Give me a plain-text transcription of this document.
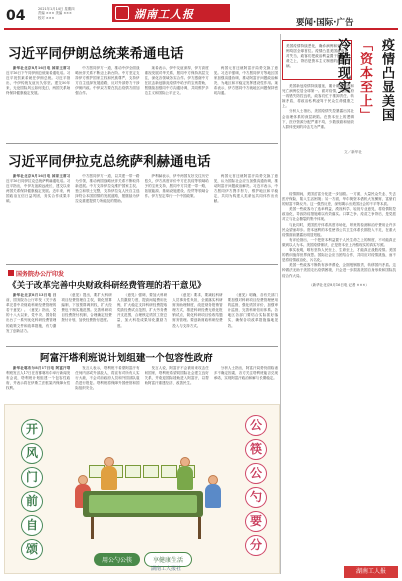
04	2021年1月14日 星期四
责编 ××× 美编 ×××
校对 ×××	湖南工人报
要闻·国际·广告
习近平同伊朗总统莱希通电话

新华社北京8月16日电 国家主席习近平16日下午同伊朗总统莱希通电话。习近平祝贺莱希就任伊朗总统。习近平指出，中伊传统友谊历久弥坚。建交50年来，无论国际风云如何变幻，两国关系始终保持健康稳定发展。

中方愿同伊方一道，推动中伊全面战略伙伴关系不断迈上新台阶。中方坚定支持伊方维护国家主权和民族尊严，支持伊方自主选择发展道路，反对外部势力干涉伊朗内政。中伊双方要在抗击疫情方面加强合作。

莱希表示，伊中友谊深厚，伊方高度重视发展对华关系，愿同中方保持高层交往，深化各领域务实合作。伊方感谢中方在抗击新冠肺炎疫情中给予的宝贵帮助，愿继续加强同中方沟通协调，共同维护多边主义和国际公平正义。

两国元首还就阿富汗局势交换了意见。习近平强调，中方愿同伊方等地区国家加强沟通协调，推动阿富汗问题政治解决，为地区和平稳定发挥建设性作用。莱希表示，伊方愿同中方就地区问题保持密切沟通。

习近平同伊拉克总统萨利赫通电话

新华社北京8月16日电 国家主席习近平16日同伊拉克总统萨利赫通电话。习近平指出，中伊友谊源远流长，建交以来两国关系保持健康稳定发展。近年来，两国政治互信日益巩固，务实合作成果丰硕。

中方愿同伊方一道，以共建一带一路为引领，推动两国战略伙伴关系不断取得新进展。中方支持伊拉克维护国家主权、独立和领土完整，支持伊拉克人民自主选择符合本国国情的发展道路，愿继续为伊拉克重建提供力所能及的帮助。

萨利赫表示，伊中两国友好交往历史悠久，伊方高度评价中方在抗疫等领域给予的宝贵支持，愿同中方共建一带一路，拓展能源、基础设施建设、经贸等领域合作。伊方坚定奉行一个中国政策。

两国元首还就阿富汗局势交换了意见，认为国际社会应当加强沟通协调，推动阿富汗问题政治解决。习近平表示，中方愿同伊方携手努力，维护地区和平稳定，共同为构建人类命运共同体作出贡献。

国务院办公厅印发
《关于改革完善中央财政科研经费管理的若干意见》

新华社北京8月13日电 日前，国务院办公厅印发《关于改革完善中央财政科研经费管理的若干意见》。《意见》指出，党的十八大以来，党中央、国务院出台了一系列优化科研经费管理的政策文件和改革措施，有力激发了创新活力。

《意见》提出，要扩大科研项目经费管理自主权，简化预算编制，下放预算调剂权，扩大经费包干制实施范围。完善科研项目经费拨付机制，合理确定经费拨付计划，加快经费拨付进度。

《意见》强调，要加大科研人员激励力度，提高间接费用比例，扩大稳定支持科研经费提取奖励经费试点范围，扩大劳务费开支范围，合理核定绩效工资总量，加大科技成果转化激励力度。

《意见》要求，要减轻科研人员事务性负担，全面落实科研财务助理制度，改进财务报销管理方式，推进科研经费无纸化报销试点，简化科研项目验收结题财务管理。要创新财政科研经费投入与支持方式。

《意见》明确，各有关部门要加强对科研项目经费管理使用的监督，强化绩效评价，加强审计监督，完善科研信用体系。各地区各部门要结合实际抓好落实，确保各项改革措施落地见效。

阿富汗塔利班说计划组建一个包容性政府

新华社喀布尔8月17日电 阿富汗塔利班发言人17日在首都喀布尔举行新闻发布会说，塔利班计划组建一个包容性政府，并表示将在伊斯兰法框架内保障女性权利。

发言人表示，塔利班不希望阿富汗有任何内部或外部敌人，将宣布对所有人实行大赦，不会对前政府人员和外国部队雇员进行报复。塔利班将保障外国使馆和国际组织安全。

发言人说，阿富汗不会被用来攻击任何国家，塔利班希望同国际社会建立良好关系，并欢迎国际援助进入阿富汗，以帮助阿富汗重建经济、改善民生。

分析人士指出，阿富汗局势仍面临诸多不确定因素，各方关注塔利班能否兑现承诺，实现阿富汗政治和解与长期稳定。

美国疫情持续恶化，确诊病例和死亡病例均居全球首位。疫情凸显美国政府应对失当，政客们把政治利益置于民众生命之上，背后是资本主义制度的深层弊病。	疫情凸显美国
「资本至上」
冷酷现实

美国新冠疫情持续蔓延，累计确诊病例和死亡病例位居全球第一。面对疫情，美国政府一再错失防控良机，政客们忙于推卸责任、转嫁矛盾，将政治私利凌驾于民众生命健康之上。

分析人士指出，美国疫情失控暴露出其社会治理体系的深层缺陷。在资本至上的逻辑下，医疗资源分配严重不均，少数族裔和低收入群体受到的冲击尤为严重。

文／新华社

疫情期间，美国贫富分化进一步加剧。一方面，大量民众失业、失去医疗保险，陷入生活困境；另一方面，华尔街资本借机大发横财，富豪们的财富不降反升。这一强烈反差，深刻揭示出美国社会的不平等本质。

美国一些政客为了选举利益，漠视科学、轻视专业意见，将疫情防控政治化，导致防疫措施难以有效落实。口罩之争、疫苗之争背后，是党派对立与社会撕裂的集中体现。

与此同时，美国医疗体系高度市场化，昂贵的检测和治疗费用让许多民众望而却步。资本逐利的本性使得公共卫生体系长期投入不足，在重大疫情面前暴露出明显短板。

有评论指出，一个把资本利益置于人民生命之上的制度，不可能真正做到以人为本。美国疫情惨状，正是资本至上冷酷现实的真实写照。

事实表明，唯有坚持人民至上、生命至上，才能真正战胜疫情。美国的教训值得世界深思。国际社会应当团结合作，共同应对疫情挑战，而不是将疫情政治化、污名化。

美国一些政客不断散布涉华谬论，企图甩锅推责，转移国内矛盾。这种做法无助于美国走出疫情困境，只会进一步损害美国自身形象和国际抗疫合作大局。

（新华社北京8月16日电 记者 ×××）

开
风
门
前
自
颂
公
筷
公
勺
要
分
用公勺公筷	享健康生活
湖南工人报社	湖南工人报
